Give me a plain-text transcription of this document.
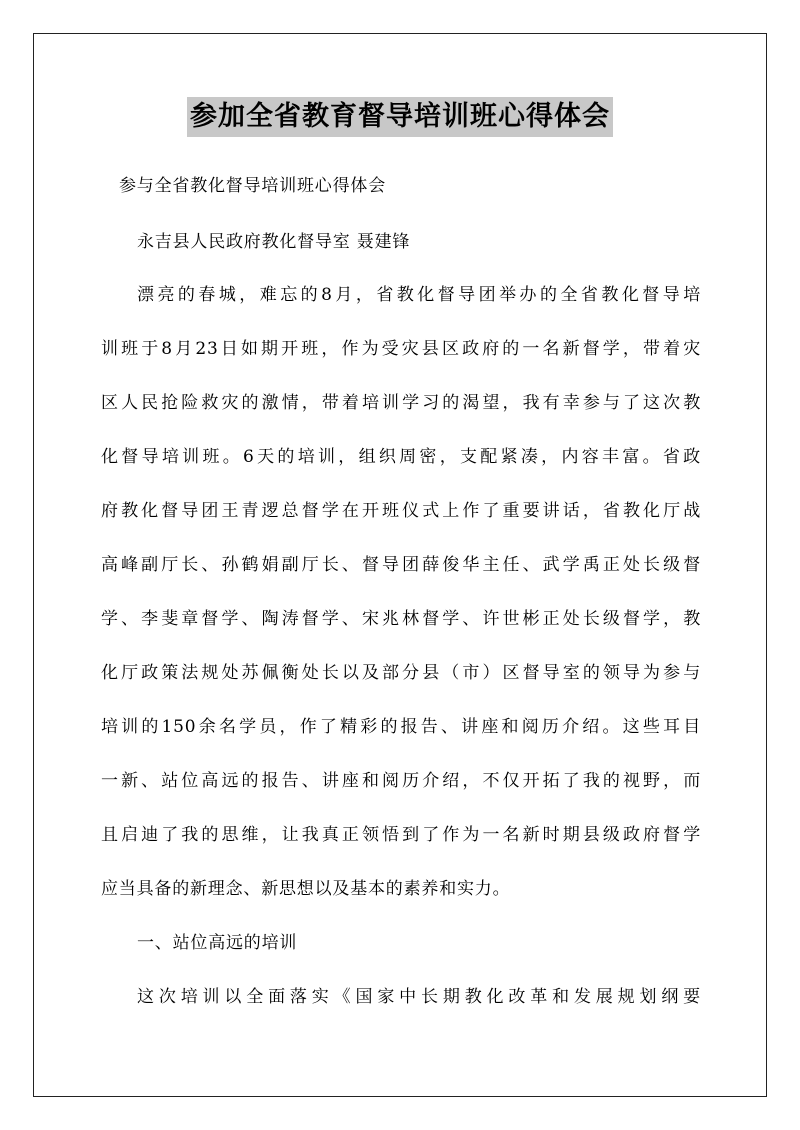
参加全省教育督导培训班心得体会
参与全省教化督导培训班心得体会
永吉县人民政府教化督导室 聂建锋
漂亮的春城，难忘的8月，省教化督导团举办的全省教化督导培
训班于8月23日如期开班，作为受灾县区政府的一名新督学，带着灾
区人民抢险救灾的激情，带着培训学习的渴望，我有幸参与了这次教
化督导培训班。6天的培训，组织周密，支配紧凑，内容丰富。省政
府教化督导团王青逻总督学在开班仪式上作了重要讲话，省教化厅战
高峰副厅长、孙鹤娟副厅长、督导团薛俊华主任、武学禹正处长级督
学、李斐章督学、陶涛督学、宋兆林督学、许世彬正处长级督学，教
化厅政策法规处苏佩衡处长以及部分县（市）区督导室的领导为参与
培训的150余名学员，作了精彩的报告、讲座和阅历介绍。这些耳目
一新、站位高远的报告、讲座和阅历介绍，不仅开拓了我的视野，而
且启迪了我的思维，让我真正领悟到了作为一名新时期县级政府督学
应当具备的新理念、新思想以及基本的素养和实力。
一、站位高远的培训
这次培训以全面落实《国家中长期教化改革和发展规划纲要
